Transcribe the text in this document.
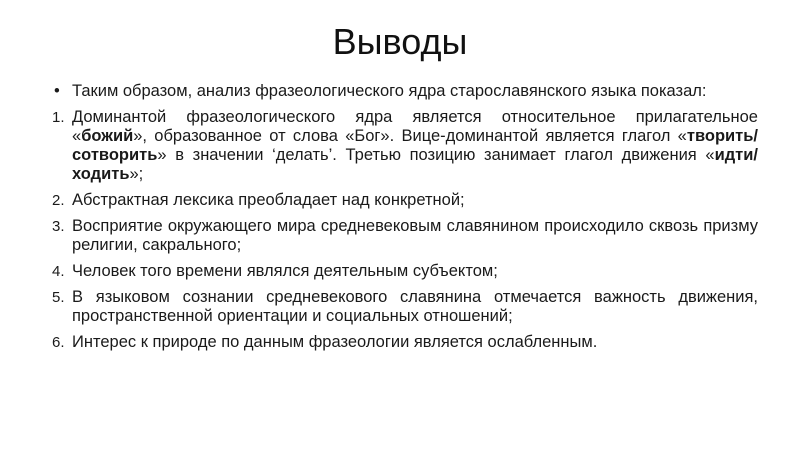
Выводы
• Таким образом, анализ фразеологического ядра старославянского языка показал:
1. Доминантой фразеологического ядра является относительное прилагательное «божий», образованное от слова «Бог». Вице-доминантой является глагол «творить/сотворить» в значении ‘делать’. Третью позицию занимает глагол движения «идти/ходить»;
2. Абстрактная лексика преобладает над конкретной;
3. Восприятие окружающего мира средневековым славянином происходило сквозь призму религии, сакрального;
4. Человек того времени являлся деятельным субъектом;
5. В языковом сознании средневекового славянина отмечается важность движения, пространственной ориентации и социальных отношений;
6. Интерес к природе по данным фразеологии является ослабленным.
